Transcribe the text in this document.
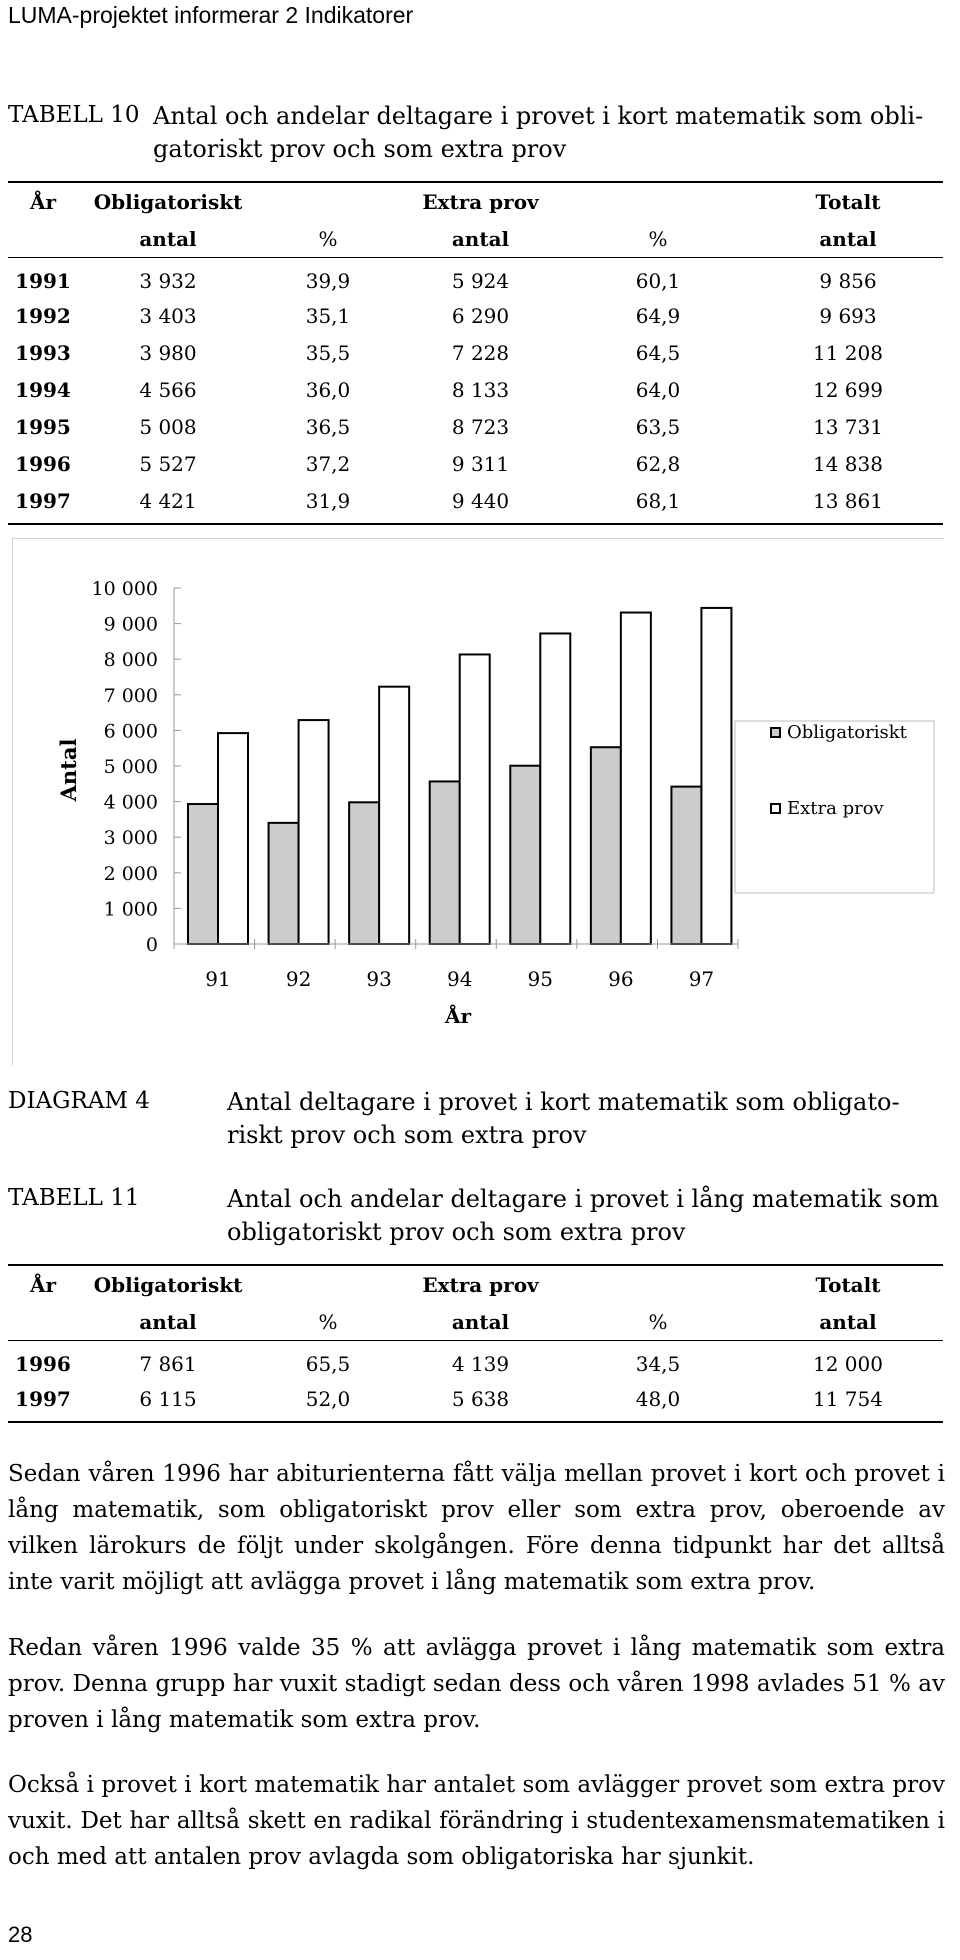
LUMA-projektet informerar 2 Indikatorer
TABELL 10 Antal och andelar deltagare i provet i kort matematik som obli-
gatoriskt prov och som extra prov
År	Obligatoriskt		Extra prov		Totalt
	antal	%	antal	%	antal
1991	3 932	39,9	5 924	60,1	9 856
1992	3 403	35,1	6 290	64,9	9 693
1993	3 980	35,5	7 228	64,5	11 208
1994	4 566	36,0	8 133	64,0	12 699
1995	5 008	36,5	8 723	63,5	13 731
1996	5 527	37,2	9 311	62,8	14 838
1997	4 421	31,9	9 440	68,1	13 861
0
1 000
2 000
3 000
4 000
5 000
6 000
7 000
8 000
9 000
10 000
91	92	93	94	95	96	97
Antal
År
Obligatoriskt
Extra prov
DIAGRAM 4	Antal deltagare i provet i kort matematik som obligato-
riskt prov och som extra prov
TABELL 11	Antal och andelar deltagare i provet i lång matematik som
obligatoriskt prov och som extra prov
År	Obligatoriskt		Extra prov		Totalt
	antal	%	antal	%	antal
1996	7 861	65,5	4 139	34,5	12 000
1997	6 115	52,0	5 638	48,0	11 754

Sedan våren 1996 har abiturienterna fått välja mellan provet i kort och provet i lång matematik, som obligatoriskt prov eller som extra prov, oberoende av vilken lärokurs de följt under skolgången. Före denna tidpunkt har det alltså inte varit möjligt att avlägga provet i lång matematik som extra prov.

Redan våren 1996 valde 35 % att avlägga provet i lång matematik som extra prov. Denna grupp har vuxit stadigt sedan dess och våren 1998 avlades 51 % av proven i lång matematik som extra prov.

Också i provet i kort matematik har antalet som avlägger provet som extra prov vuxit. Det har alltså skett en radikal förändring i studentexamensmatematiken i och med att antalen prov avlagda som obligatoriska har sjunkit.

28
